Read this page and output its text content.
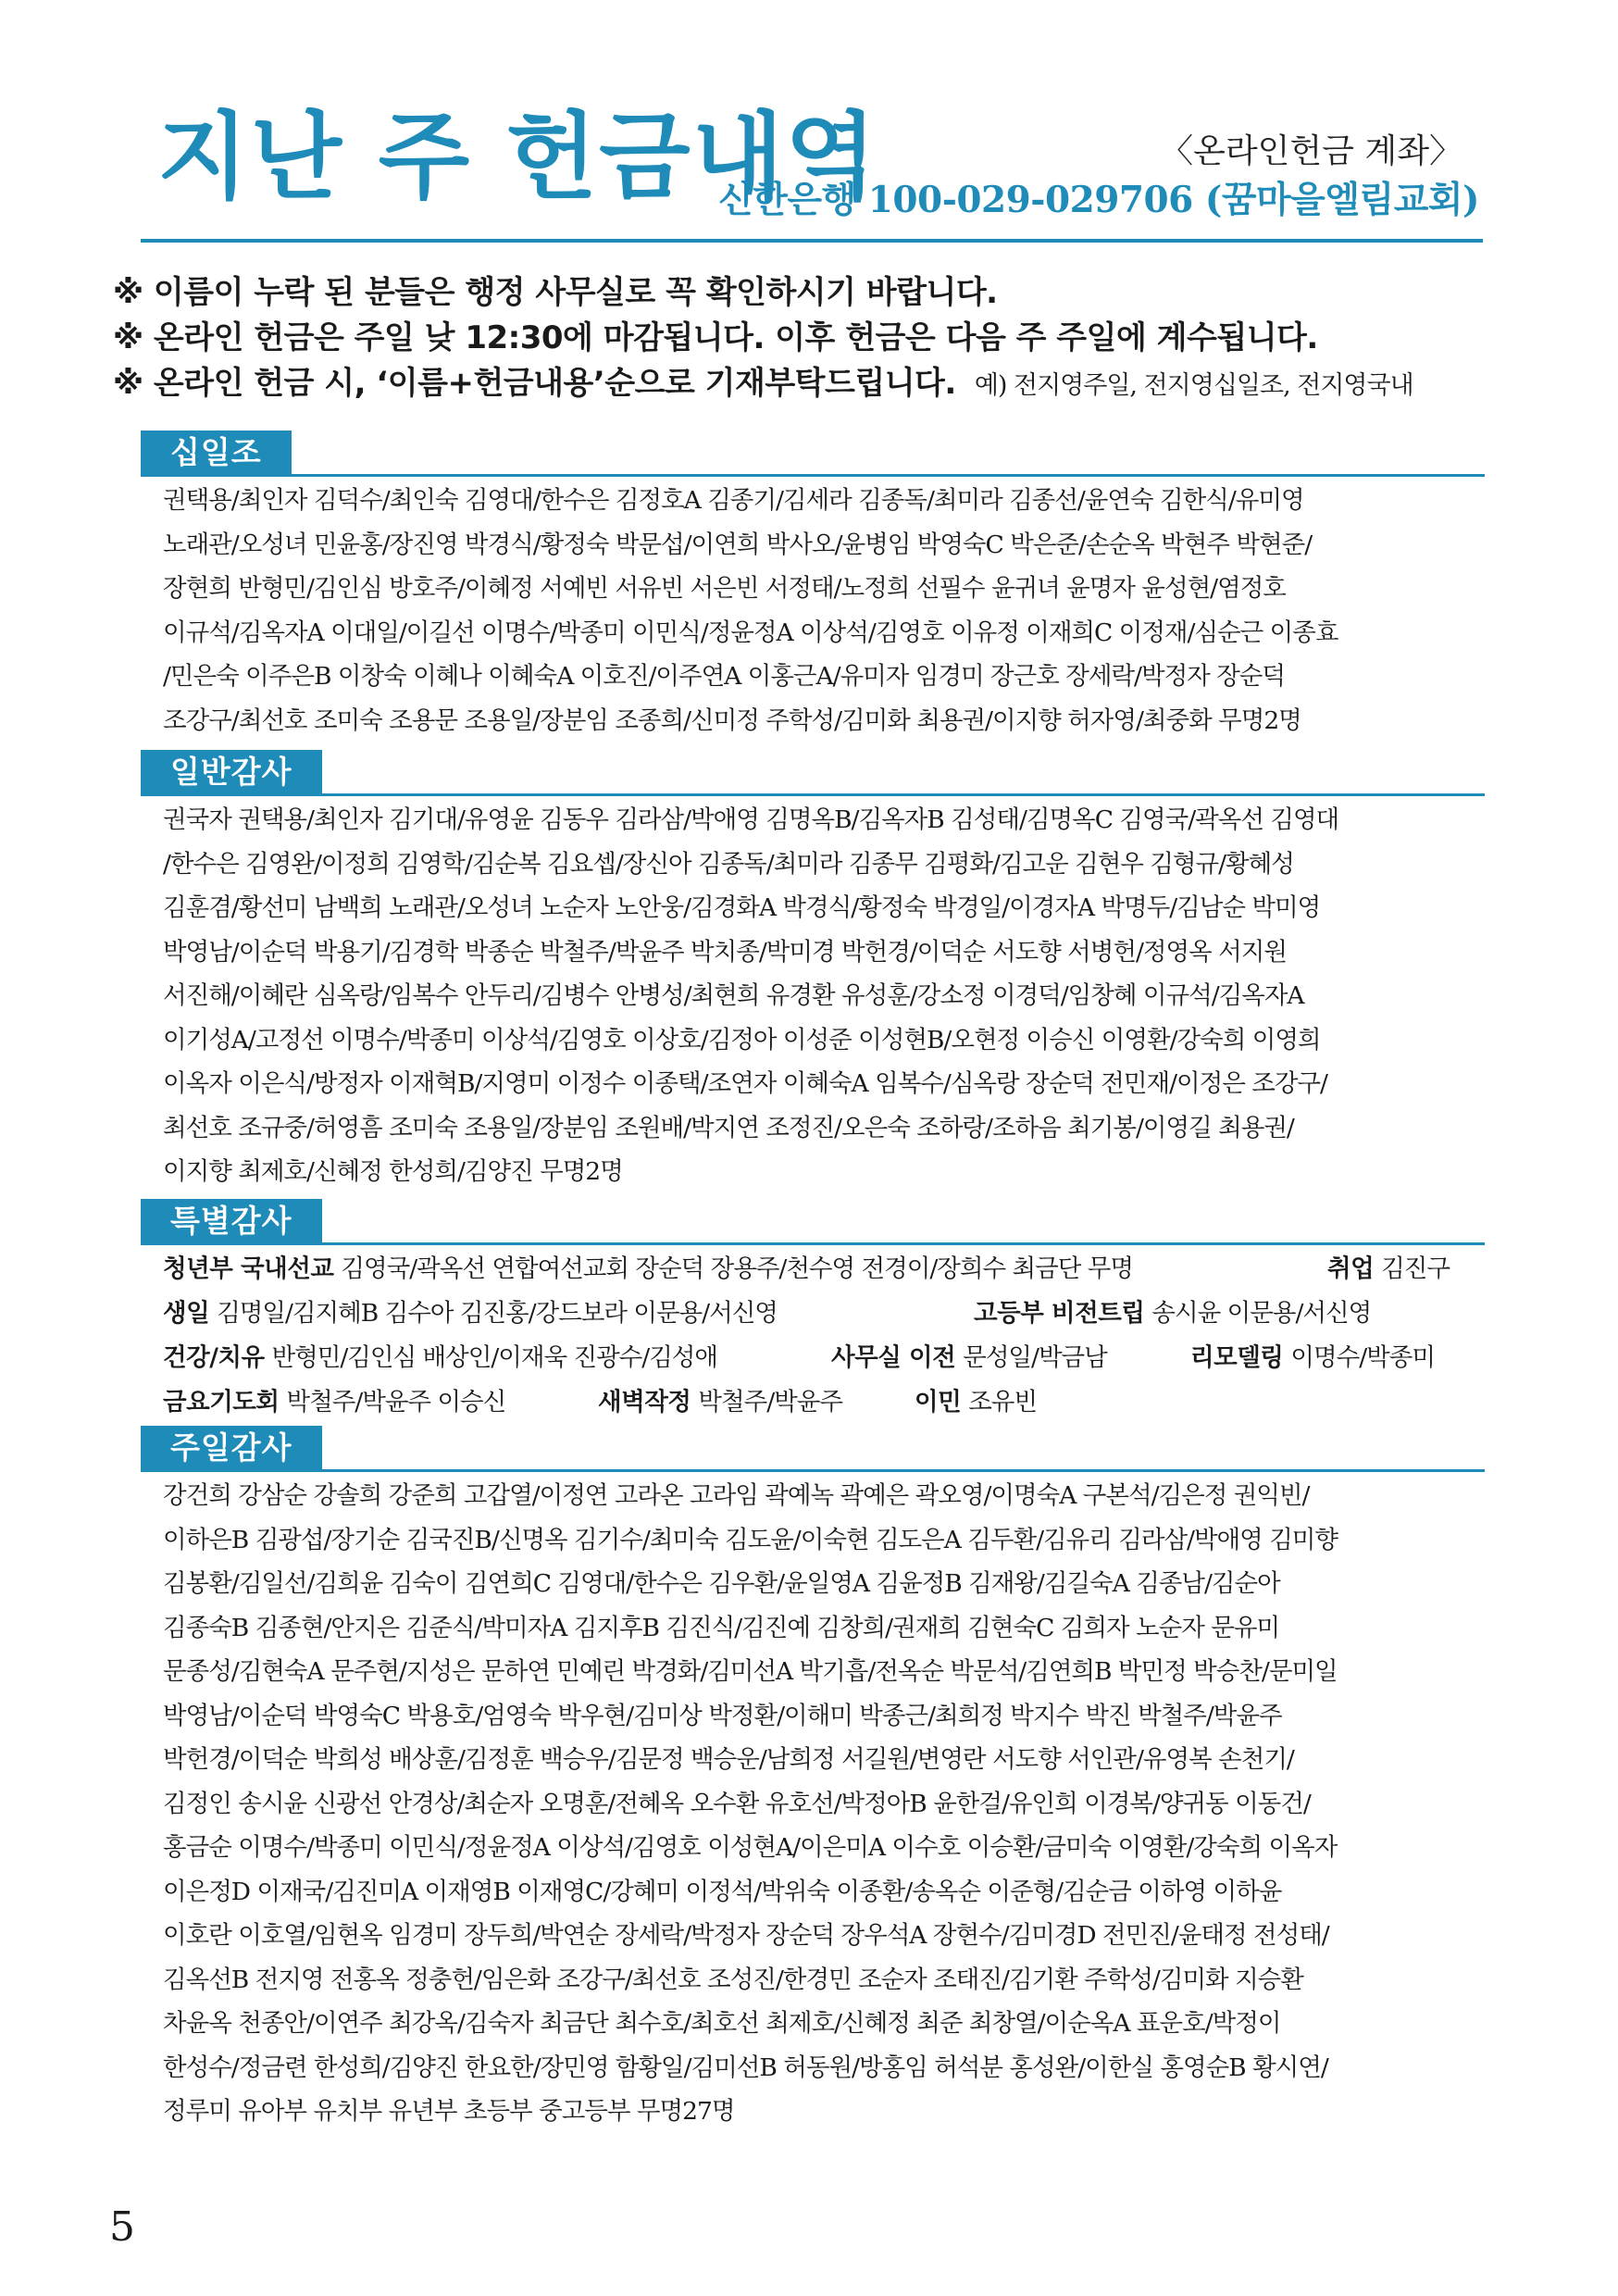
지난 주 헌금내역	〈온라인헌금 계좌〉
신한은행 100-029-029706 (꿈마을엘림교회)
※ 이름이 누락 된 분들은 행정 사무실로 꼭 확인하시기 바랍니다.
※ 온라인 헌금은 주일 낮 12:30에 마감됩니다. 이후 헌금은 다음 주 주일에 계수됩니다.
※ 온라인 헌금 시, ‘이름+헌금내용’순으로 기재부탁드립니다. 예) 전지영주일, 전지영십일조, 전지영국내
십일조
권택용/최인자 김덕수/최인숙 김영대/한수은 김정호A 김종기/김세라 김종독/최미라 김종선/윤연숙 김한식/유미영
노래관/오성녀 민윤홍/장진영 박경식/황정숙 박문섭/이연희 박사오/윤병임 박영숙C 박은준/손순옥 박현주 박현준/
장현희 반형민/김인심 방호주/이혜정 서예빈 서유빈 서은빈 서정태/노정희 선필수 윤귀녀 윤명자 윤성현/염정호
이규석/김옥자A 이대일/이길선 이명수/박종미 이민식/정윤정A 이상석/김영호 이유정 이재희C 이정재/심순근 이종효
/민은숙 이주은B 이창숙 이혜나 이혜숙A 이호진/이주연A 이홍근A/유미자 임경미 장근호 장세락/박정자 장순덕
조강구/최선호 조미숙 조용문 조용일/장분임 조종희/신미정 주학성/김미화 최용권/이지향 허자영/최중화 무명2명
일반감사
권국자 권택용/최인자 김기대/유영윤 김동우 김라삼/박애영 김명옥B/김옥자B 김성태/김명옥C 김영국/곽옥선 김영대
/한수은 김영완/이정희 김영학/김순복 김요셉/장신아 김종독/최미라 김종무 김평화/김고운 김현우 김형규/황혜성
김훈겸/황선미 남백희 노래관/오성녀 노순자 노안웅/김경화A 박경식/황정숙 박경일/이경자A 박명두/김남순 박미영
박영남/이순덕 박용기/김경학 박종순 박철주/박윤주 박치종/박미경 박헌경/이덕순 서도향 서병헌/정영옥 서지원
서진해/이혜란 심옥랑/임복수 안두리/김병수 안병성/최현희 유경환 유성훈/강소정 이경덕/임창혜 이규석/김옥자A
이기성A/고정선 이명수/박종미 이상석/김영호 이상호/김정아 이성준 이성현B/오현정 이승신 이영환/강숙희 이영희
이옥자 이은식/방정자 이재혁B/지영미 이정수 이종택/조연자 이혜숙A 임복수/심옥랑 장순덕 전민재/이정은 조강구/
최선호 조규중/허영흠 조미숙 조용일/장분임 조원배/박지연 조정진/오은숙 조하랑/조하음 최기봉/이영길 최용권/
이지향 최제호/신혜정 한성희/김양진 무명2명
특별감사
청년부 국내선교 김영국/곽옥선 연합여선교회 장순덕 장용주/천수영 전경이/장희수 최금단 무명	취업 김진구
생일 김명일/김지혜B 김수아 김진홍/강드보라 이문용/서신영	고등부 비전트립 송시윤 이문용/서신영
건강/치유 반형민/김인심 배상인/이재욱 진광수/김성애	사무실 이전 문성일/박금남	리모델링 이명수/박종미
금요기도회 박철주/박윤주 이승신	새벽작정 박철주/박윤주	이민 조유빈
주일감사
강건희 강삼순 강솔희 강준희 고갑열/이정연 고라온 고라임 곽예녹 곽예은 곽오영/이명숙A 구본석/김은정 권익빈/
이하은B 김광섭/장기순 김국진B/신명옥 김기수/최미숙 김도윤/이숙현 김도은A 김두환/김유리 김라삼/박애영 김미향
김봉환/김일선/김희윤 김숙이 김연희C 김영대/한수은 김우환/윤일영A 김윤정B 김재왕/김길숙A 김종남/김순아
김종숙B 김종현/안지은 김준식/박미자A 김지후B 김진식/김진예 김창희/권재희 김현숙C 김희자 노순자 문유미
문종성/김현숙A 문주현/지성은 문하연 민예린 박경화/김미선A 박기흡/전옥순 박문석/김연희B 박민정 박승찬/문미일
박영남/이순덕 박영숙C 박용호/엄영숙 박우현/김미상 박정환/이해미 박종근/최희정 박지수 박진 박철주/박윤주
박헌경/이덕순 박희성 배상훈/김정훈 백승우/김문정 백승운/남희정 서길원/변영란 서도향 서인관/유영복 손천기/
김정인 송시윤 신광선 안경상/최순자 오명훈/전혜옥 오수환 유호선/박정아B 윤한걸/유인희 이경복/양귀동 이동건/
홍금순 이명수/박종미 이민식/정윤정A 이상석/김영호 이성현A/이은미A 이수호 이승환/금미숙 이영환/강숙희 이옥자
이은정D 이재국/김진미A 이재영B 이재영C/강혜미 이정석/박위숙 이종환/송옥순 이준형/김순금 이하영 이하윤
이호란 이호열/임현옥 임경미 장두희/박연순 장세락/박정자 장순덕 장우석A 장현수/김미경D 전민진/윤태정 전성태/
김옥선B 전지영 전홍옥 정충헌/임은화 조강구/최선호 조성진/한경민 조순자 조태진/김기환 주학성/김미화 지승환
차윤옥 천종안/이연주 최강옥/김숙자 최금단 최수호/최호선 최제호/신혜정 최준 최창열/이순옥A 표운호/박정이
한성수/정금련 한성희/김양진 한요한/장민영 함황일/김미선B 허동원/방홍임 허석분 홍성완/이한실 홍영순B 황시연/
정루미 유아부 유치부 유년부 초등부 중고등부 무명27명
5
